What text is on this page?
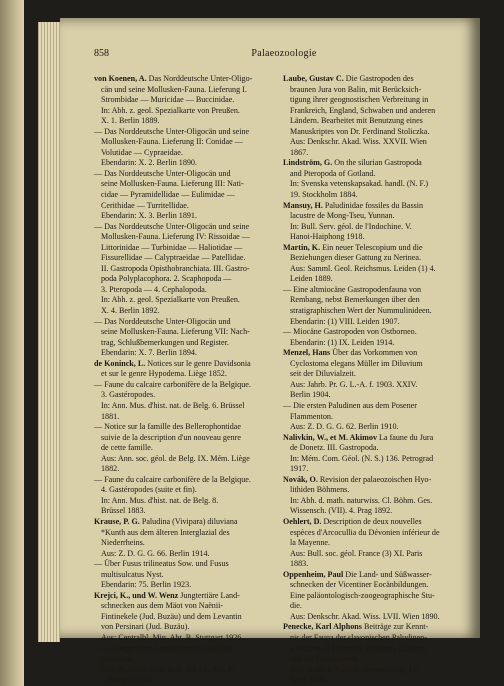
858	Palaeozoologie
von Koenen, A. Das Norddeutsche Unter-Oligo-
cän und seine Mollusken-Fauna. Lieferung I.
Strombidae — Muricidae — Buccinidae.
In: Abh. z. geol. Spezialkarte von Preußen.
X. 1. Berlin 1889.
— Das Norddeutsche Unter-Oligocän und seine
Mollusken-Fauna. Lieferung II: Conidae —
Volutidae — Cypraeidae.
Ebendarin: X. 2. Berlin 1890.
— Das Norddeutsche Unter-Oligocän und
seine Mollusken-Fauna. Lieferung III: Nati-
cidae — Pyramidellidae — Eulimidae —
Cerithidae — Turritellidae.
Ebendarin: X. 3. Berlin 1891.
— Das Norddeutsche Unter-Oligocän und seine
Mollusken-Fauna. Lieferung IV: Rissoidae —
Littorinidae — Turbinidae — Haliotidae —
Fissurellidae — Calyptraeidae — Patellidae.
II. Gastropoda Opisthobranchiata. III. Gastro-
poda Polyplacophora. 2. Scaphopoda —
3. Pteropoda — 4. Cephalopoda.
In: Abh. z. geol. Spezialkarte von Preußen.
X. 4. Berlin 1892.
— Das Norddeutsche Unter-Oligocän und
seine Mollusken-Fauna. Lieferung VII: Nach-
trag, Schlußbemerkungen und Register.
Ebendarin: X. 7. Berlin 1894.
de Koninck, L. Notices sur le genre Davidsonia
et sur le genre Hypodema. Liège 1852.
— Faune du calcaire carbonifère de la Belgique.
3. Gastéropodes.
In: Ann. Mus. d'hist. nat. de Belg. 6. Brüssel
1881.
— Notice sur la famille des Bellerophontidae
suivie de la description d'un nouveau genre
de cette famille.
Aus: Ann. soc. géol. de Belg. IX. Mém. Liège
1882.
— Faune du calcaire carbonifère de la Belgique.
4. Gastéropodes (suite et fin).
In: Ann. Mus. d'hist. nat. de Belg. 8.
Brüssel 1883.
Krause, P. G. Paludina (Vivipara) diluviana
*Kunth aus dem älteren Interglazial des
Niederrheins.
Aus: Z. D. G. G. 66. Berlin 1914.
— Über Fusus trilineatus Sow. und Fusus
multisulcatus Nyst.
Ebendarin: 75. Berlin 1923.
Krejci, K., und W. Wenz Jungtertiäre Land-
schnecken aus dem Mäot von Naënii-
Fintinekele (Jud. Buzäu) und dem Levantin
von Persinari (Jud. Buzäu).
Aus: Centralbl. Min. Abt. B. Stuttgart 1926.
— — Jungtertiäre Landschnecken aus Süd-
rumänien.
Aus: N. Jahrb. Min. Beil.-Bd. LV. Abt. B.
Stuttgart 1926.
Laube, Gustav C. Die Gastropoden des
braunen Jura von Balin, mit Berücksich-
tigung ihrer geognostischen Verbreitung in
Frankreich, England, Schwaben und anderen
Ländern. Bearbeitet mit Benutzung eines
Manuskriptes von Dr. Ferdinand Stoliczka.
Aus: Denkschr. Akad. Wiss. XXVII. Wien
1867.
Lindström, G. On the silurian Gastropoda
and Pteropoda of Gotland.
In: Svenska vetenskapsakad. handl. (N. F.)
19. Stockholm 1884.
Mansuy, H. Paludinidae fossiles du Bassin
lacustre de Mong-Tseu, Yunnan.
In: Bull. Serv. géol. de l'Indochine. V.
Hanoi-Haiphong 1918.
Martin, K. Ein neuer Telescopium und die
Beziehungen dieser Gattung zu Nerinea.
Aus: Samml. Geol. Reichsmus. Leiden (1) 4.
Leiden 1889.
— Eine altmiocäne Gastropodenfauna von
Rembang, nebst Bemerkungen über den
stratigraphischen Wert der Nummulinideen.
Ebendarin: (1) VIII. Leiden 1907.
— Miocäne Gastropoden von Ostborneo.
Ebendarin: (1) IX. Leiden 1914.
Menzel, Hans Über das Vorkommen von
Cyclostoma elegans Müller im Diluvium
seit der Diluvialzeit.
Aus: Jahrb. Pr. G. L.-A. f. 1903. XXIV.
Berlin 1904.
— Die ersten Paludinen aus dem Posener
Flammenton.
Aus: Z. D. G. G. 62. Berlin 1910.
Nalivkin, W., et M. Akimov La faune du Jura
de Donetz. III. Gastropoda.
In: Mém. Com. Géol. (N. S.) 136. Petrograd
1917.
Novák, O. Revision der palaeozoischen Hyo-
lithiden Böhmens.
In: Abh. d. math. naturwiss. Cl. Böhm. Ges.
Wissensch. (VII). 4. Prag 1892.
Oehlert, D. Description de deux nouvelles
espèces d'Arcocullia du Dévonien inférieur de
la Mayenne.
Aus: Bull. soc. géol. France (3) XI. Paris
1883.
Oppenheim, Paul Die Land- und Süßwasser-
schnecken der Vicentiner Eocänbildungen.
Eine paläontologisch-zoogeographische Stu-
die.
Aus: Denkschr. Akad. Wiss. LVII. Wien 1890.
Penecke, Karl Alphons Beiträge zur Kennt-
nis der Fauna der slavonischen Paludinen-
schichten. II Congeria, Pisidium, Cardium
und die Gastropoden.
Aus: Beitr. z. Paläont. Oesterr.-Ung. IV.
Wien 1884.
